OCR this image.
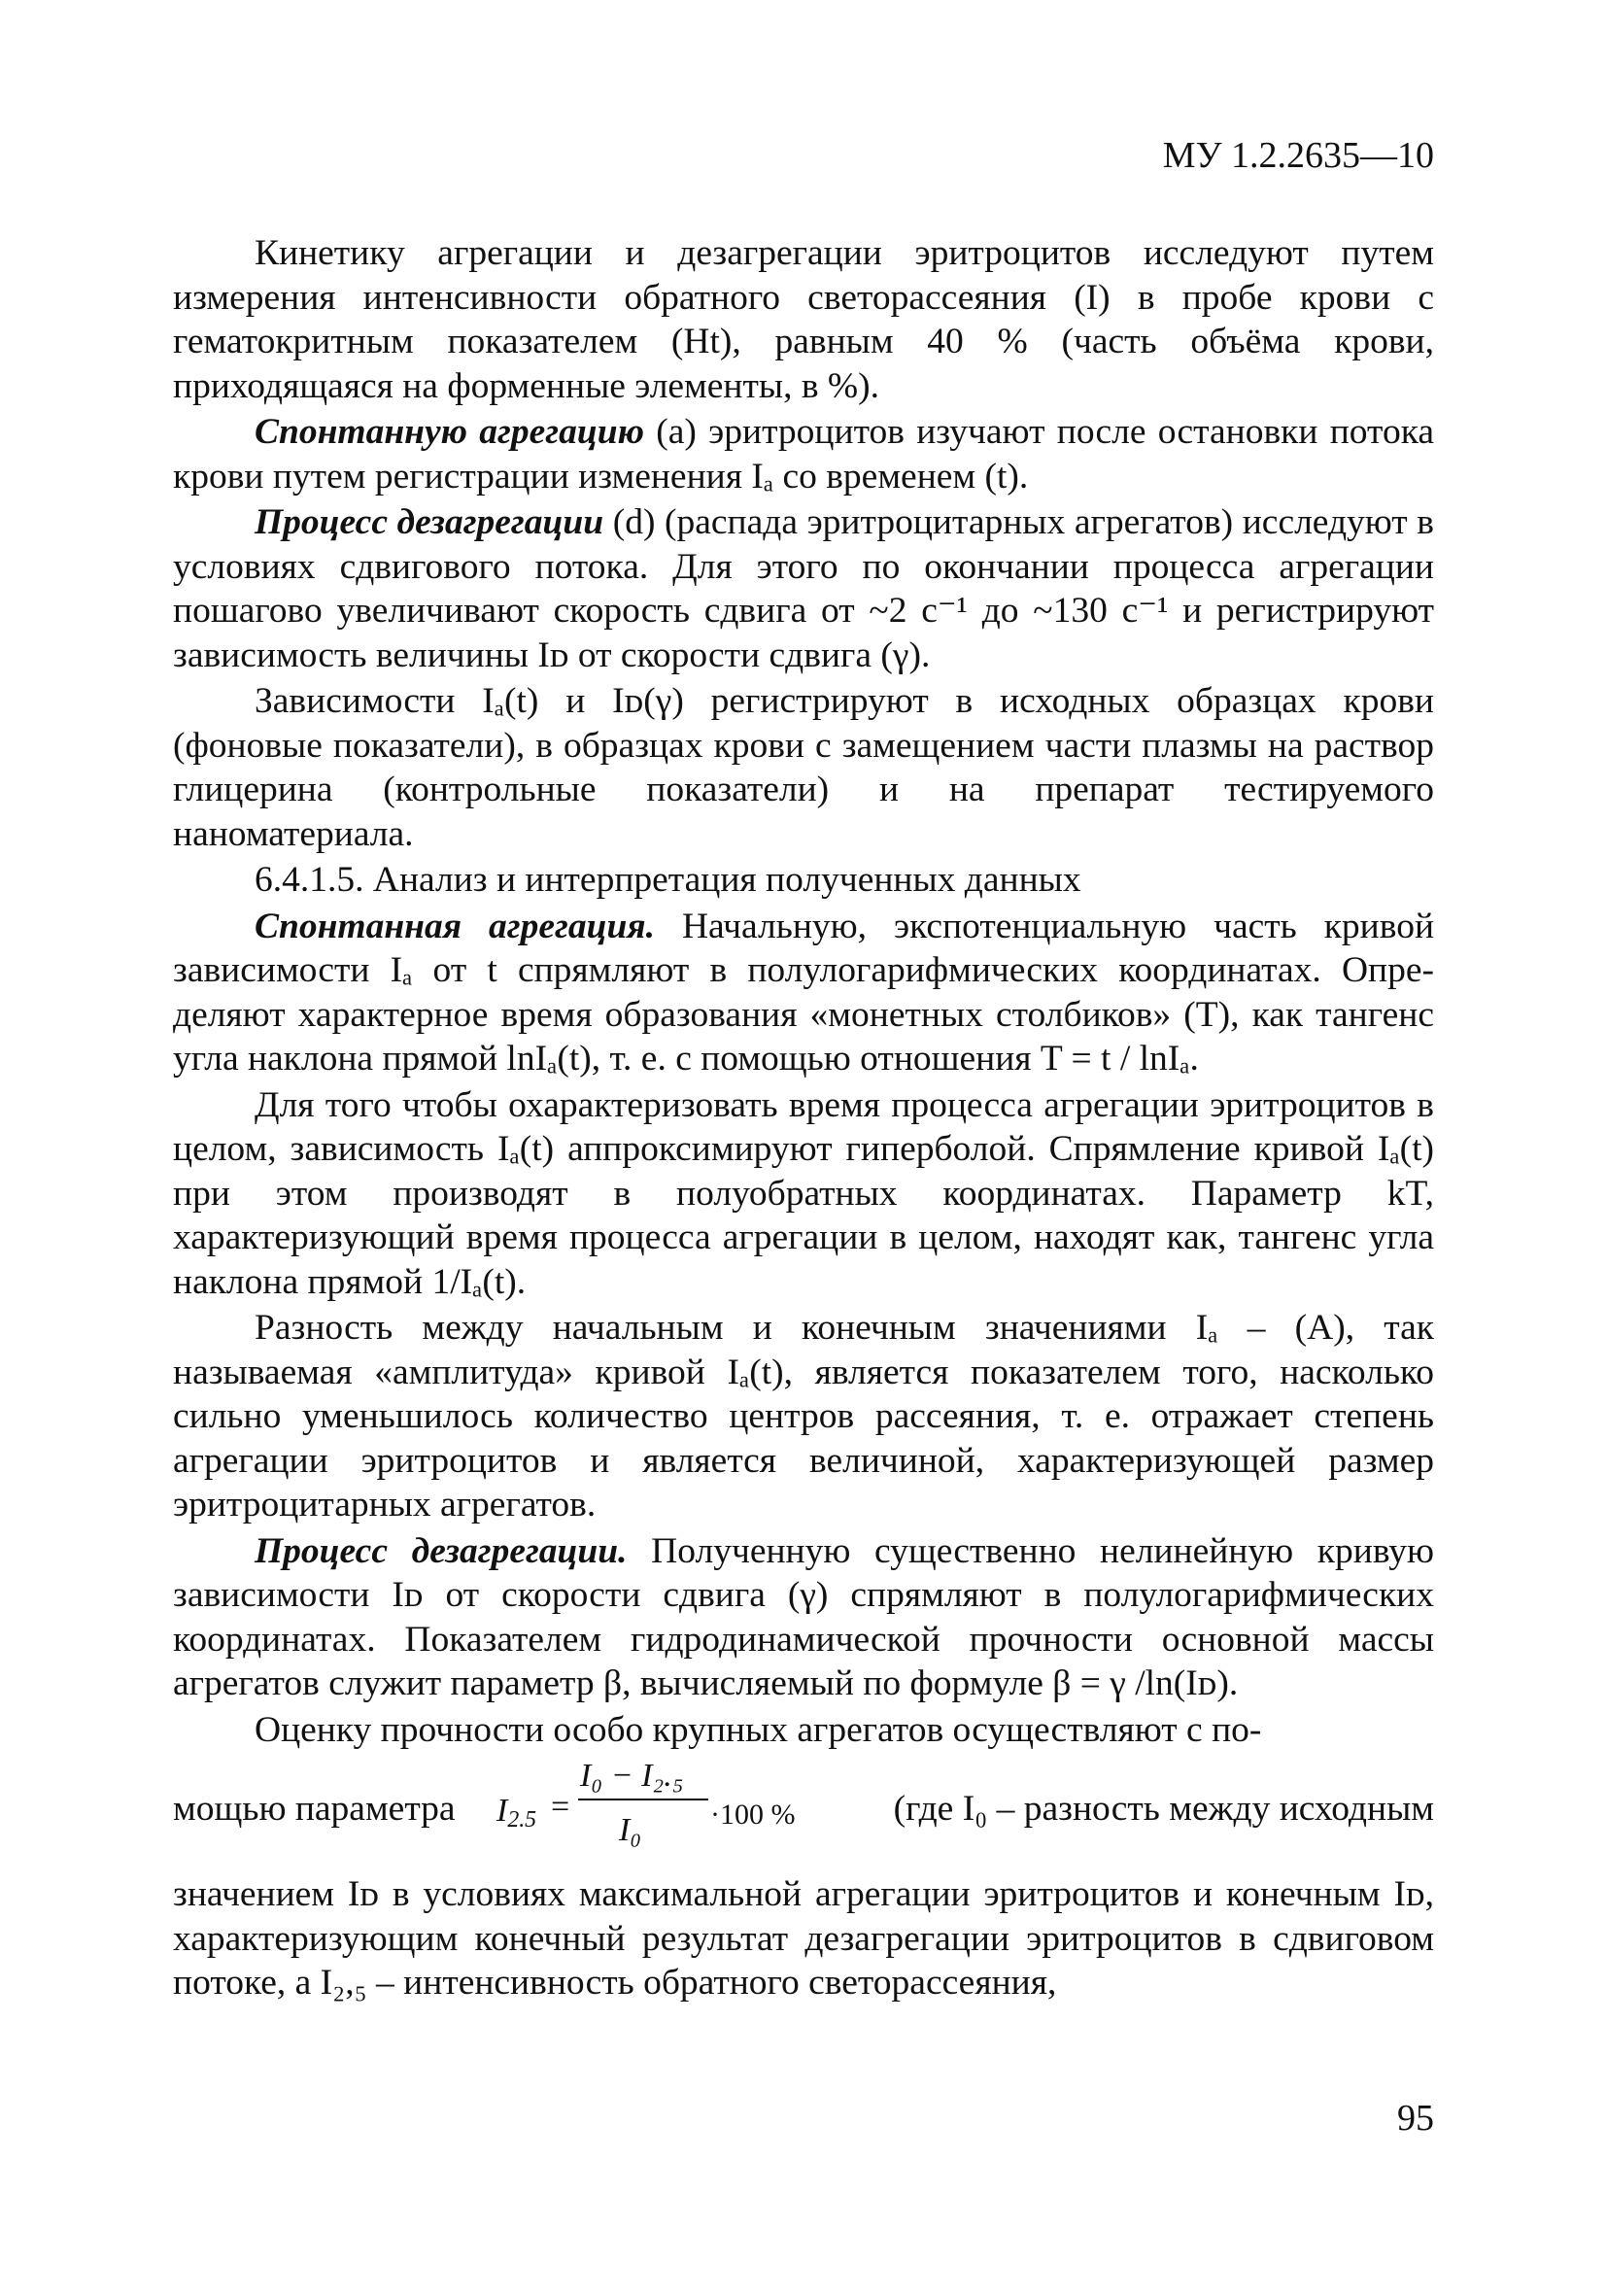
МУ 1.2.2635—10

Кинетику агрегации и дезагрегации эритроцитов исследуют путем измерения интенсивности обратного светорассеяния (I) в пробе крови с гематокритным показателем (Ht), равным 40 % (часть объёма крови, приходящаяся на форменные элементы, в %).

Спонтанную агрегацию (a) эритроцитов изучают после остановки потока крови путем регистрации изменения Iₐ со временем (t).

Процесс дезагрегации (d) (распада эритроцитарных агрегатов) исследуют в условиях сдвигового потока. Для этого по окончании процесса агрегации пошагово увеличивают скорость сдвига от ~2 с⁻¹ до ~130 с⁻¹ и регистрируют зависимость величины Iᴅ от скорости сдвига (γ).

Зависимости Iₐ(t) и Iᴅ(γ) регистрируют в исходных образцах крови (фоновые показатели), в образцах крови с замещением части плазмы на раствор глицерина (контрольные показатели) и на препарат тестируемого наноматериала.

6.4.1.5. Анализ и интерпретация полученных данных

Спонтанная агрегация. Начальную, экспотенциальную часть кривой зависимости Iₐ от t спрямляют в полулогарифмических координатах. Определяют характерное время образования «монетных столбиков» (T), как тангенс угла наклона прямой lnIₐ(t), т. е. с помощью отношения T = t / lnIₐ.

Для того чтобы охарактеризовать время процесса агрегации эритроцитов в целом, зависимость Iₐ(t) аппроксимируют гиперболой. Спрямление кривой Iₐ(t) при этом производят в полуобратных координатах. Параметр kT, характеризующий время процесса агрегации в целом, находят как, тангенс угла наклона прямой 1/Iₐ(t).

Разность между начальным и конечным значениями Iₐ – (A), так называемая «амплитуда» кривой Iₐ(t), является показателем того, насколько сильно уменьшилось количество центров рассеяния, т. е. отражает степень агрегации эритроцитов и является величиной, характеризующей размер эритроцитарных агрегатов.

Процесс дезагрегации. Полученную существенно нелинейную кривую зависимости Iᴅ от скорости сдвига (γ) спрямляют в полулогарифмических координатах. Показателем гидродинамической прочности основной массы агрегатов служит параметр β, вычисляемый по формуле β = γ /ln(Iᴅ).

Оценку прочности особо крупных агрегатов осуществляют с по-

мощью параметра $I_{2.5}$ =
I₀ − I₂.₅
I₀ ·100 %	(где I₀ – разность между исходным

значением Iᴅ в условиях максимальной агрегации эритроцитов и конечным Iᴅ, характеризующим конечный результат дезагрегации эритроцитов в сдвиговом потоке, а I₂,₅ – интенсивность обратного светорассеяния,

95
